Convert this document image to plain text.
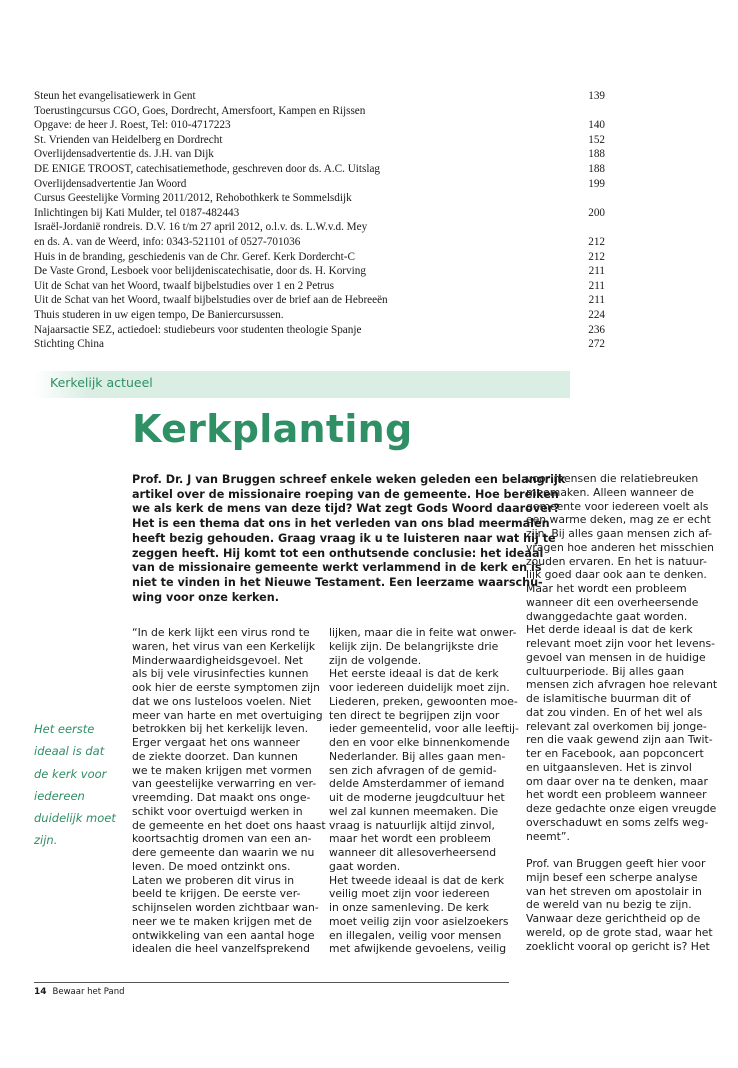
Steun het evangelisatiewerk in Gent	139
Toerustingcursus CGO, Goes, Dordrecht, Amersfoort, Kampen en Rijssen
Opgave: de heer J. Roest, Tel: 010-4717223	140
St. Vrienden van Heidelberg en Dordrecht	152
Overlijdensadvertentie ds. J.H. van Dijk	188
DE ENIGE TROOST, catechisatiemethode, geschreven door ds. A.C. Uitslag	188
Overlijdensadvertentie Jan Woord	199
Cursus Geestelijke Vorming 2011/2012, Rehobothkerk te Sommelsdijk
Inlichtingen bij Kati Mulder, tel 0187-482443	200
Israël-Jordanië rondreis. D.V. 16 t/m 27 april 2012, o.l.v. ds. L.W.v.d. Mey
en ds. A. van de Weerd, info: 0343-521101 of 0527-701036	212
Huis in de branding, geschiedenis van de Chr. Geref. Kerk Dordercht-C	212
De Vaste Grond, Lesboek voor belijdeniscatechisatie, door ds. H. Korving	211
Uit de Schat van het Woord, twaalf bijbelstudies over 1 en 2 Petrus	211
Uit de Schat van het Woord, twaalf bijbelstudies over de brief aan de Hebreeën	211
Thuis studeren in uw eigen tempo, De Baniercursussen.	224
Najaarsactie SEZ, actiedoel: studiebeurs voor studenten theologie Spanje	236
Stichting China	272
Kerkelijk actueel
Kerkplanting
Prof. Dr. J van Bruggen schreef enkele weken geleden een belangrijk
artikel over de missionaire roeping van de gemeente. Hoe bereiken
we als kerk de mens van deze tijd? Wat zegt Gods Woord daarover?
Het is een thema dat ons in het verleden van ons blad meermalen
heeft bezig gehouden. Graag vraag ik u te luisteren naar wat hij te
zeggen heeft. Hij komt tot een onthutsende conclusie: het ideaal
van de missionaire gemeente werkt verlammend in de kerk en is
niet te vinden in het Nieuwe Testament. Een leerzame waarschu-
wing voor onze kerken.
Het eerste
ideaal is dat
de kerk voor
iedereen
duidelijk moet
zijn.
“In de kerk lijkt een virus rond te
waren, het virus van een Kerkelijk
Minderwaardigheidsgevoel. Net
als bij vele virusinfecties kunnen
ook hier de eerste symptomen zijn
dat we ons lusteloos voelen. Niet
meer van harte en met overtuiging
betrokken bij het kerkelijk leven.
Erger vergaat het ons wanneer
de ziekte doorzet. Dan kunnen
we te maken krijgen met vormen
van geestelijke verwarring en ver-
vreemding. Dat maakt ons onge-
schikt voor overtuigd werken in
de gemeente en het doet ons haast
koortsachtig dromen van een an-
dere gemeente dan waarin we nu
leven. De moed ontzinkt ons.
Laten we proberen dit virus in
beeld te krijgen. De eerste ver-
schijnselen worden zichtbaar wan-
neer we te maken krijgen met de
ontwikkeling van een aantal hoge
idealen die heel vanzelfsprekend
lijken, maar die in feite wat onwer-
kelijk zijn. De belangrijkste drie
zijn de volgende.
Het eerste ideaal is dat de kerk
voor iedereen duidelijk moet zijn.
Liederen, preken, gewoonten moe-
ten direct te begrijpen zijn voor
ieder gemeentelid, voor alle leeftij-
den en voor elke binnenkomende
Nederlander. Bij alles gaan men-
sen zich afvragen of de gemid-
delde Amsterdammer of iemand
uit de moderne jeugdcultuur het
wel zal kunnen meemaken. Die
vraag is natuurlijk altijd zinvol,
maar het wordt een probleem
wanneer dit allesoverheersend
gaat worden.
Het tweede ideaal is dat de kerk
veilig moet zijn voor iedereen
in onze samenleving. De kerk
moet veilig zijn voor asielzoekers
en illegalen, veilig voor mensen
met afwijkende gevoelens, veilig
voor mensen die relatiebreuken
meemaken. Alleen wanneer de
gemeente voor iedereen voelt als
een warme deken, mag ze er echt
zijn. Bij alles gaan mensen zich af-
vragen hoe anderen het misschien
zouden ervaren. En het is natuur-
lijk goed daar ook aan te denken.
Maar het wordt een probleem
wanneer dit een overheersende
dwanggedachte gaat worden.
Het derde ideaal is dat de kerk
relevant moet zijn voor het levens-
gevoel van mensen in de huidige
cultuurperiode. Bij alles gaan
mensen zich afvragen hoe relevant
de islamitische buurman dit of
dat zou vinden. En of het wel als
relevant zal overkomen bij jonge-
ren die vaak gewend zijn aan Twit-
ter en Facebook, aan popconcert
en uitgaansleven. Het is zinvol
om daar over na te denken, maar
het wordt een probleem wanneer
deze gedachte onze eigen vreugde
overschaduwt en soms zelfs weg-
neemt”.
Prof. van Bruggen geeft hier voor
mijn besef een scherpe analyse
van het streven om apostolair in
de wereld van nu bezig te zijn.
Vanwaar deze gerichtheid op de
wereld, op de grote stad, waar het
zoeklicht vooral op gericht is? Het
14 Bewaar het Pand
